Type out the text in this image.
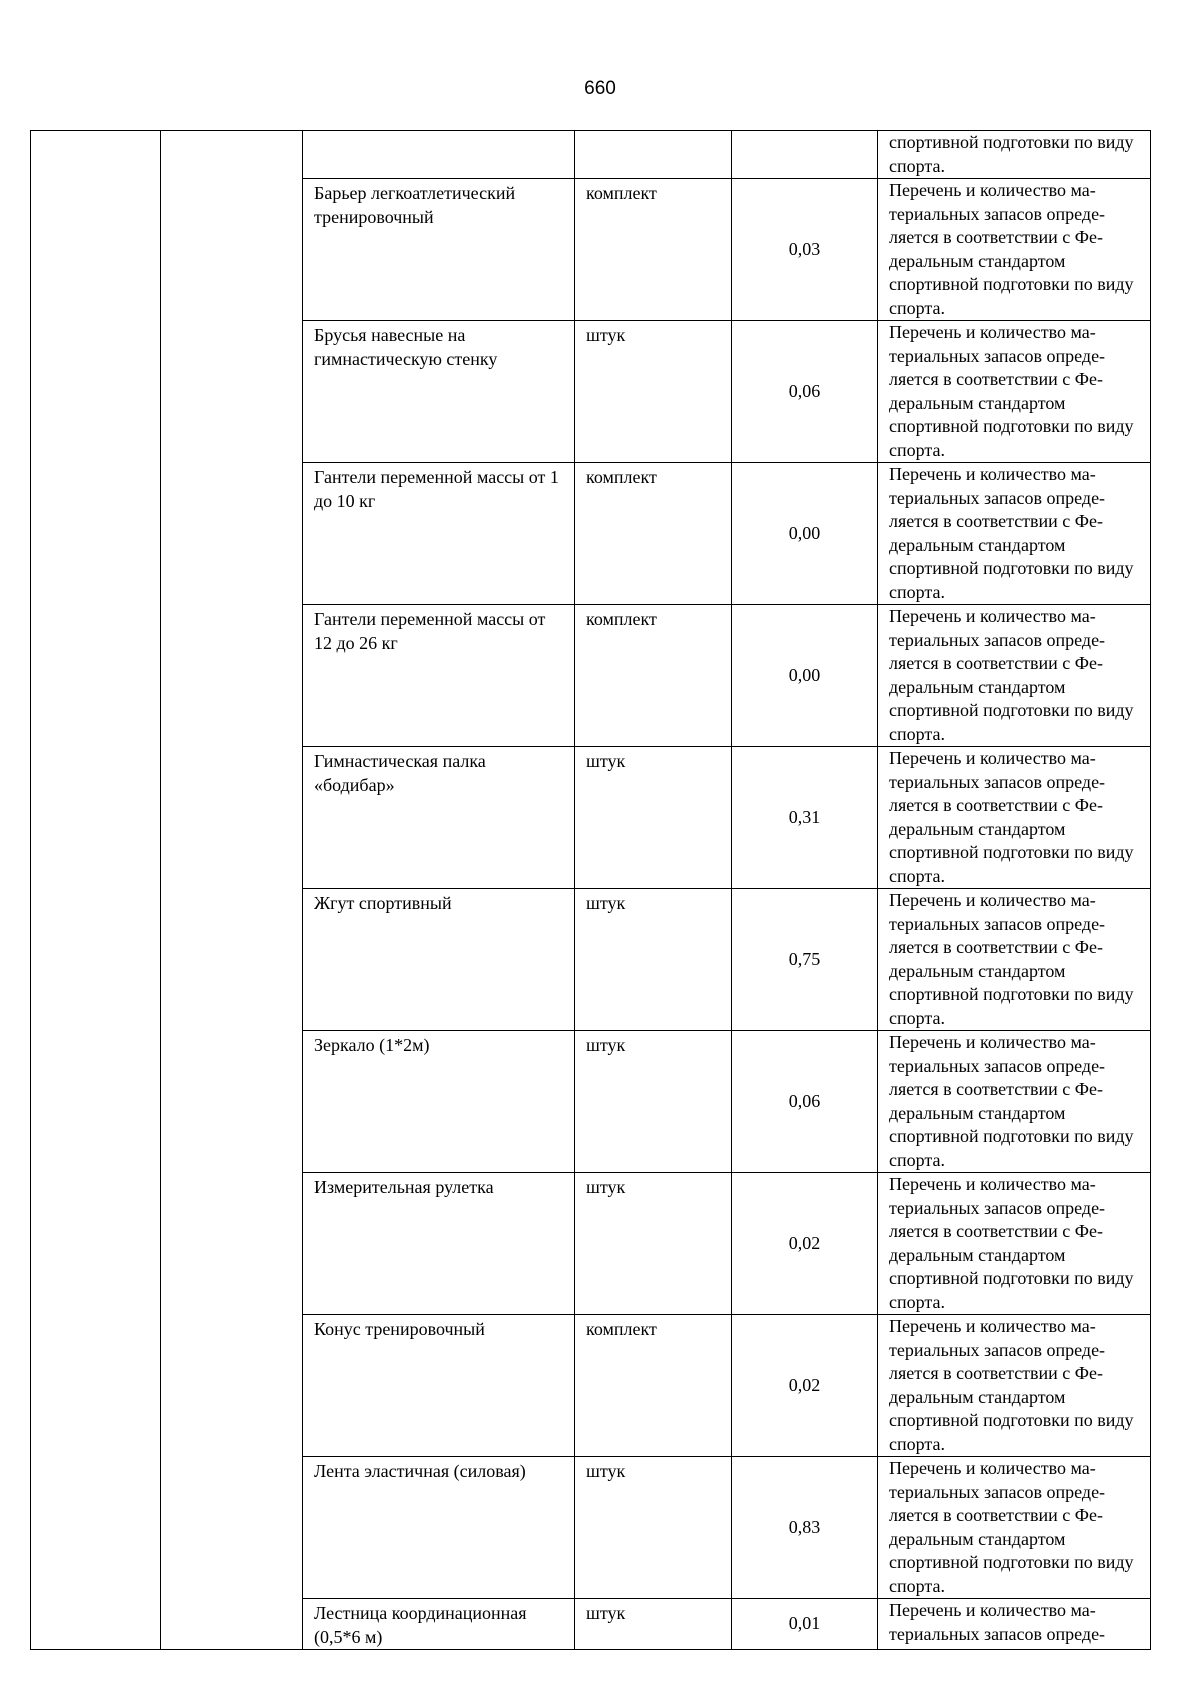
660

					спортивной подготовки по виду спорта.

		Барьер легкоатлетический тренировочный	комплект	0,03	Перечень и количество ма-териальных запасов опреде-ляется в соответствии с Фе-деральным стандартом спортивной подготовки по виду спорта.

		Брусья навесные на гимнастическую стенку	штук	0,06	Перечень и количество ма-териальных запасов опреде-ляется в соответствии с Фе-деральным стандартом спортивной подготовки по виду спорта.

		Гантели переменной массы от 1 до 10 кг	комплект	0,00	Перечень и количество ма-териальных запасов опреде-ляется в соответствии с Фе-деральным стандартом спортивной подготовки по виду спорта.

		Гантели переменной массы от 12 до 26 кг	комплект	0,00	Перечень и количество ма-териальных запасов опреде-ляется в соответствии с Фе-деральным стандартом спортивной подготовки по виду спорта.

		Гимнастическая палка «бодибар»	штук	0,31	Перечень и количество ма-териальных запасов опреде-ляется в соответствии с Фе-деральным стандартом спортивной подготовки по виду спорта.

		Жгут спортивный	штук	0,75	Перечень и количество ма-териальных запасов опреде-ляется в соответствии с Фе-деральным стандартом спортивной подготовки по виду спорта.

		Зеркало (1*2м)	штук	0,06	Перечень и количество ма-териальных запасов опреде-ляется в соответствии с Фе-деральным стандартом спортивной подготовки по виду спорта.

		Измерительная рулетка	штук	0,02	Перечень и количество ма-териальных запасов опреде-ляется в соответствии с Фе-деральным стандартом спортивной подготовки по виду спорта.

		Конус тренировочный	комплект	0,02	Перечень и количество ма-териальных запасов опреде-ляется в соответствии с Фе-деральным стандартом спортивной подготовки по виду спорта.

		Лента эластичная (силовая)	штук	0,83	Перечень и количество ма-териальных запасов опреде-ляется в соответствии с Фе-деральным стандартом спортивной подготовки по виду спорта.

		Лестница координационная (0,5*6 м)	штук	0,01	Перечень и количество ма-териальных запасов опреде-
